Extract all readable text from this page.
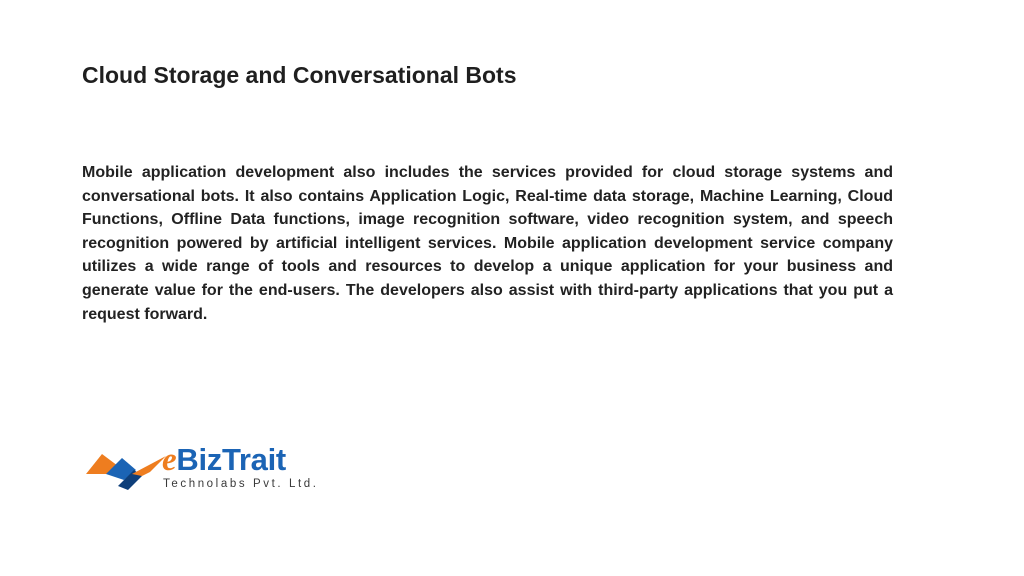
Cloud Storage and Conversational Bots

Mobile application development also includes the services provided for cloud storage systems and conversational bots. It also contains Application Logic, Real-time data storage, Machine Learning, Cloud Functions, Offline Data functions, image recognition software, video recognition system, and speech recognition powered by artificial intelligent services. Mobile application development service company utilizes a wide range of tools and resources to develop a unique application for your business and generate value for the end-users. The developers also assist with third-party applications that you put a request forward.

eBizTrait
Technolabs Pvt. Ltd.
